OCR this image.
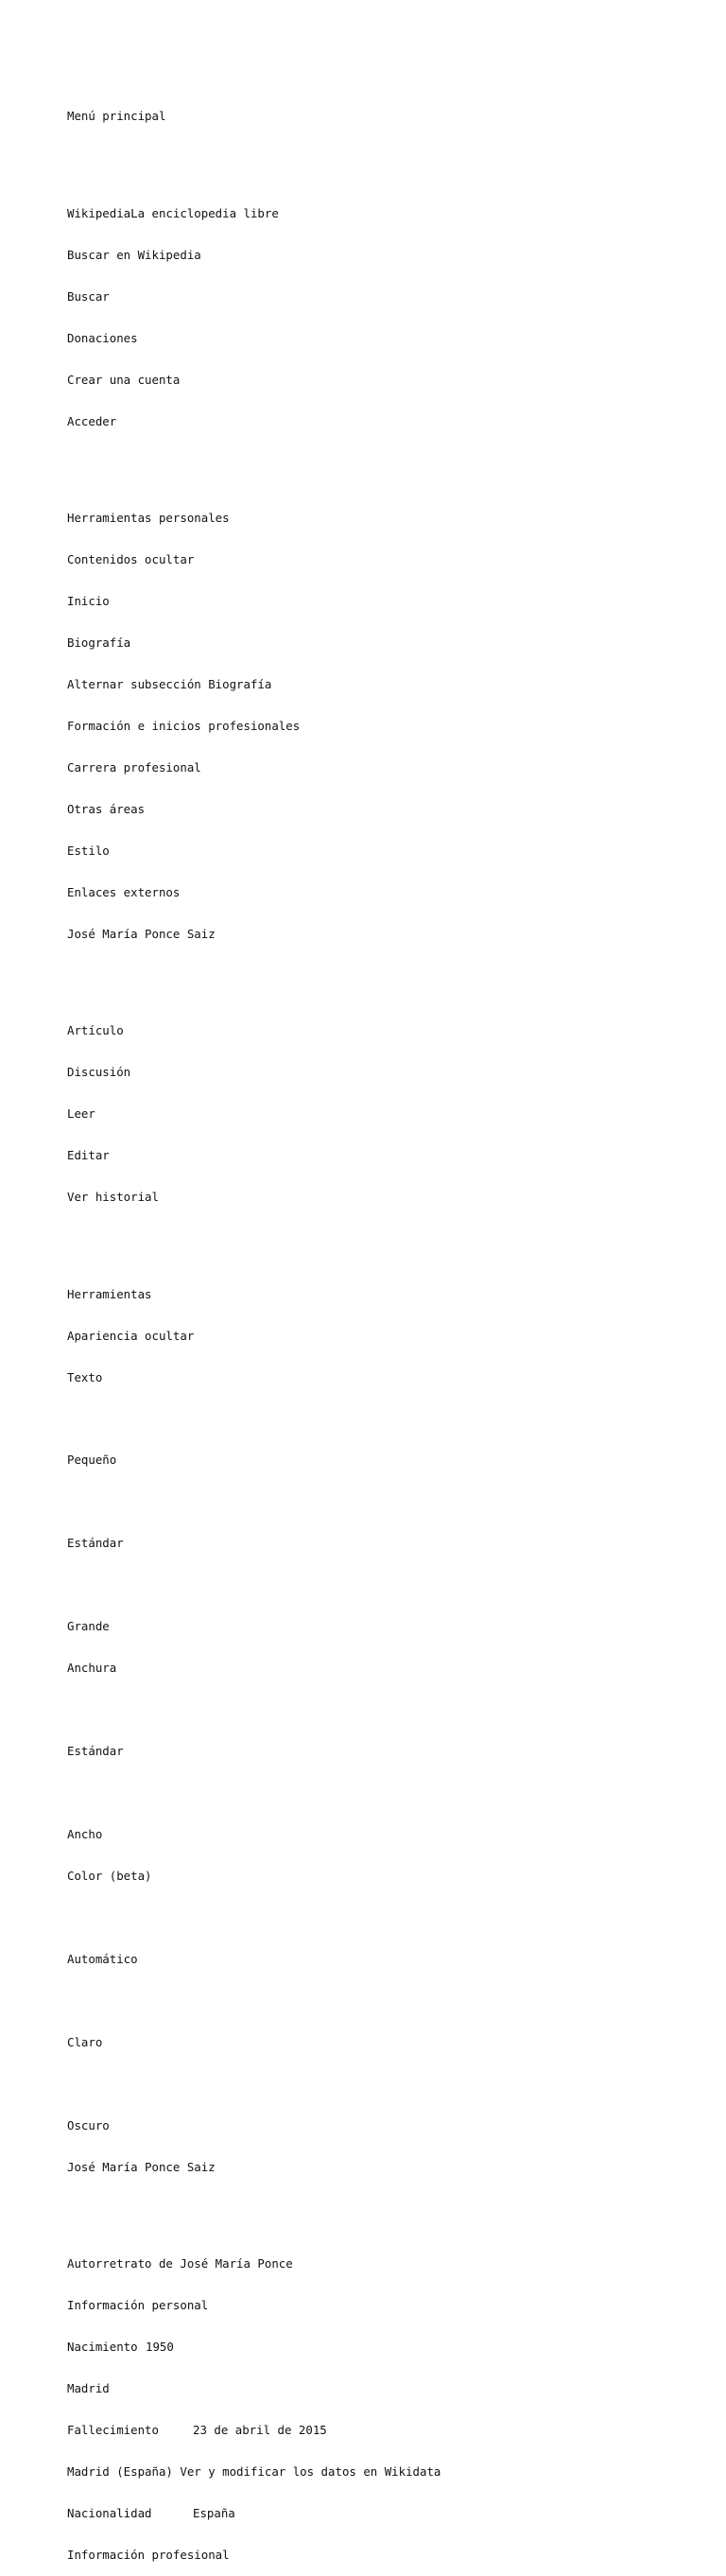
Menú principal

WikipediaLa enciclopedia libre

Buscar en Wikipedia

Buscar

Donaciones

Crear una cuenta

Acceder

Herramientas personales

Contenidos ocultar

Inicio

Biografía

Alternar subsección Biografía

Formación e inicios profesionales

Carrera profesional

Otras áreas

Estilo

Enlaces externos

José María Ponce Saiz

Artículo

Discusión

Leer

Editar

Ver historial

Herramientas

Apariencia ocultar

Texto

Pequeño

Estándar

Grande

Anchura

Estándar

Ancho

Color (beta)

Automático

Claro

Oscuro

José María Ponce Saiz

Autorretrato de José María Ponce

Información personal

Nacimiento 1950

Madrid

Fallecimiento	23 de abril de 2015

Madrid (España) Ver y modificar los datos en Wikidata

Nacionalidad	España

Información profesional
